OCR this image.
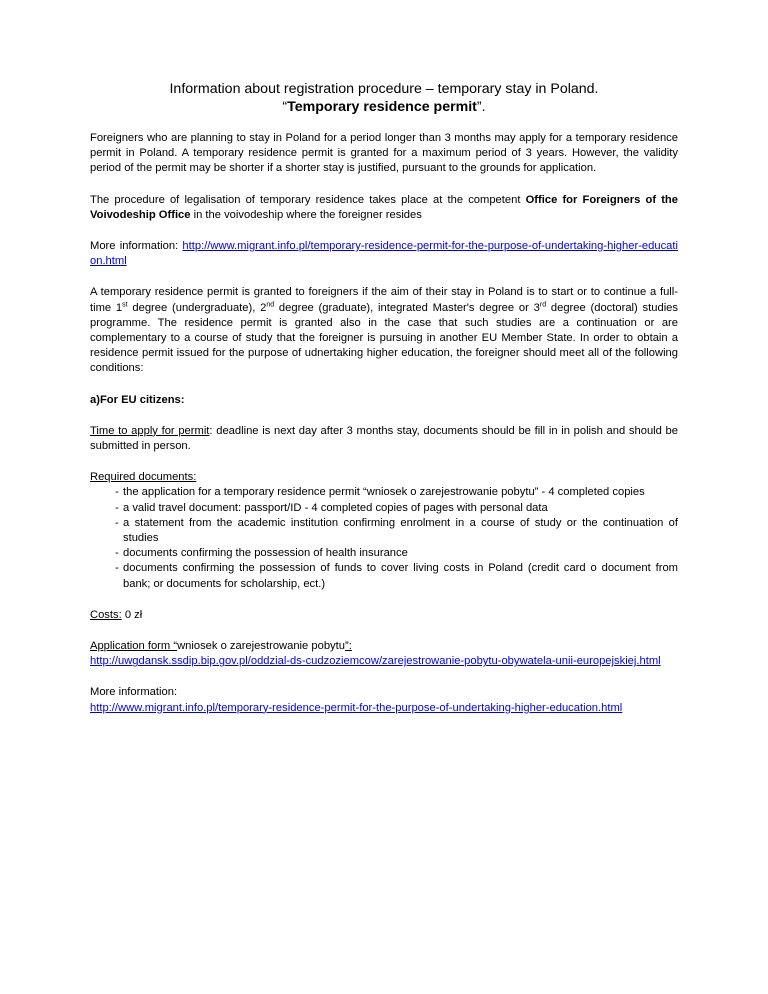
Information about registration procedure – temporary stay in Poland.
“Temporary residence permit”.

Foreigners who are planning to stay in Poland for a period longer than 3 months may apply for a temporary residence permit in Poland. A temporary residence permit is granted for a maximum period of 3 years. However, the validity period of the permit may be shorter if a shorter stay is justified, pursuant to the grounds for application.

The procedure of legalisation of temporary residence takes place at the competent Office for Foreigners of the Voivodeship Office in the voivodeship where the foreigner resides

More information: http://www.migrant.info.pl/temporary-residence-permit-for-the-purpose-of-undertaking-higher-education.html

A temporary residence permit is granted to foreigners if the aim of their stay in Poland is to start or to continue a full-time 1st degree (undergraduate), 2nd degree (graduate), integrated Master's degree or 3rd degree (doctoral) studies programme. The residence permit is granted also in the case that such studies are a continuation or are complementary to a course of study that the foreigner is pursuing in another EU Member State. In order to obtain a residence permit issued for the purpose of udnertaking higher education, the foreigner should meet all of the following conditions:

a)For EU citizens:

Time to apply for permit: deadline is next day after 3 months stay, documents should be fill in in polish and should be submitted in person.

Required documents:
- the application for a temporary residence permit “wniosek o zarejestrowanie pobytu” - 4 completed copies
- a valid travel document: passport/ID - 4 completed copies of pages with personal data
- a statement from the academic institution confirming enrolment in a course of study or the continuation of studies
- documents confirming the possession of health insurance
- documents confirming the possession of funds to cover living costs in Poland (credit card o document from bank; or documents for scholarship, ect.)

Costs: 0 zł

Application form “wniosek o zarejestrowanie pobytu”:
http://uwgdansk.ssdip.bip.gov.pl/oddzial-ds-cudzoziemcow/zarejestrowanie-pobytu-obywatela-unii-europejskiej.html

More information:
http://www.migrant.info.pl/temporary-residence-permit-for-the-purpose-of-undertaking-higher-education.html
